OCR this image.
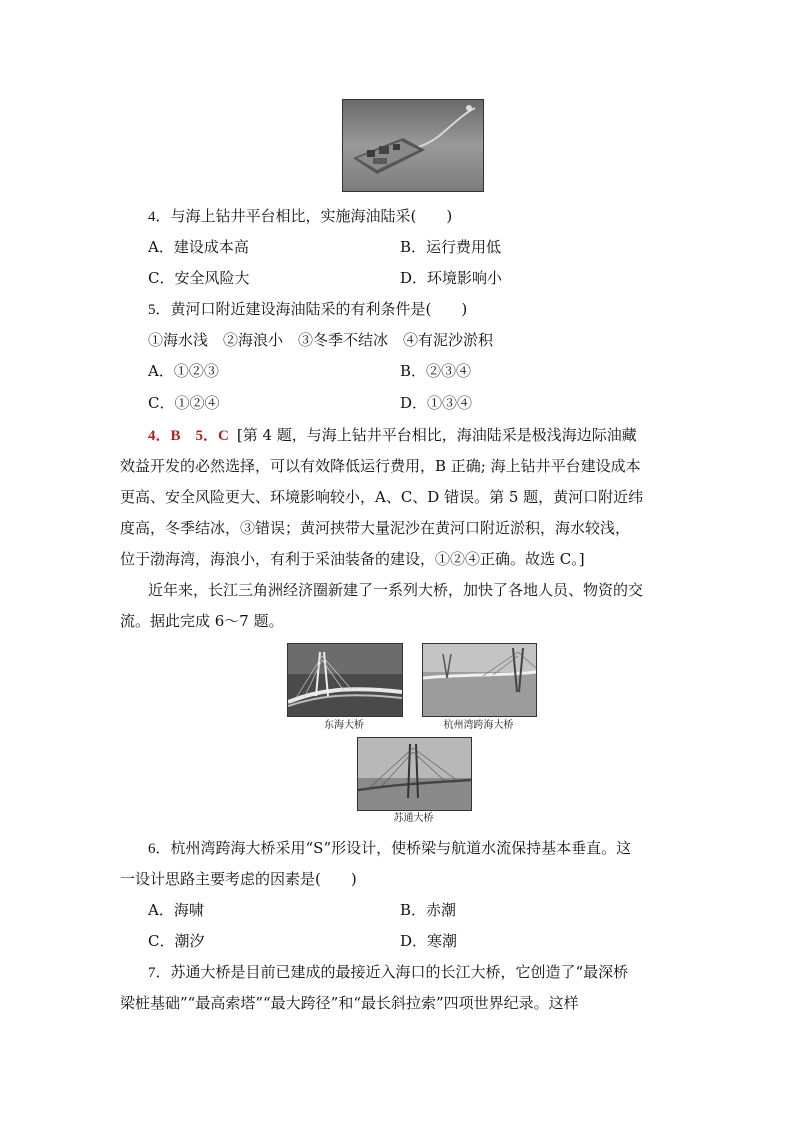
4．与海上钻井平台相比，实施海油陆采(　　)
A．建设成本高	B．运行费用低
C．安全风险大	D．环境影响小
5．黄河口附近建设海油陆采的有利条件是(　　)
①海水浅　②海浪小　③冬季不结冰　④有泥沙淤积
A．①②③	B．②③④
C．①②④	D．①③④
4．B　5．C [第 4 题，与海上钻井平台相比，海油陆采是极浅海边际油藏
效益开发的必然选择，可以有效降低运行费用，B 正确; 海上钻井平台建设成本
更高、安全风险更大、环境影响较小，A、C、D 错误。第 5 题，黄河口附近纬
度高，冬季结冰，③错误；黄河挟带大量泥沙在黄河口附近淤积，海水较浅，
位于渤海湾，海浪小，有利于采油装备的建设，①②④正确。故选 C。]
近年来，长江三角洲经济圈新建了一系列大桥，加快了各地人员、物资的交
流。据此完成 6～7 题。
东海大桥	杭州湾跨海大桥
苏通大桥
6．杭州湾跨海大桥采用“S”形设计，使桥梁与航道水流保持基本垂直。这
一设计思路主要考虑的因素是(　　)
A．海啸	B．赤潮
C．潮汐	D．寒潮
7．苏通大桥是目前已建成的最接近入海口的长江大桥，它创造了“最深桥
梁桩基础”“最高索塔”“最大跨径”和“最长斜拉索”四项世界纪录。这样
